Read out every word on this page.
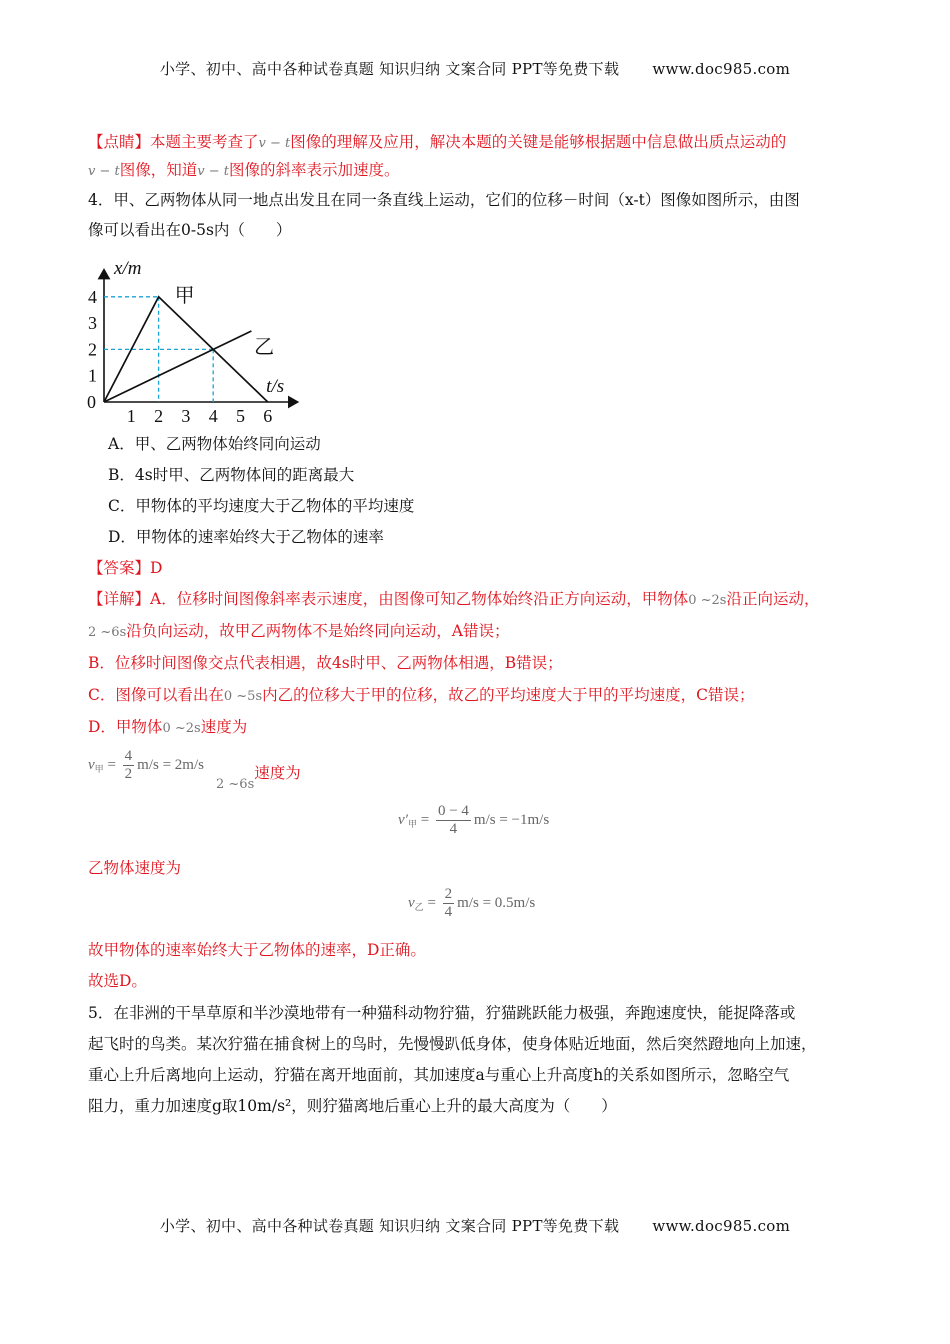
小学、初中、高中各种试卷真题 知识归纳 文案合同 PPT等免费下载 www.doc985.com
【点睛】本题主要考查了v − t图像的理解及应用，解决本题的关键是能够根据题中信息做出质点运动的
v − t图像，知道v − t图像的斜率表示加速度。
4．甲、乙两物体从同一地点出发且在同一条直线上运动，它们的位移－时间（x-t）图像如图所示，由图
像可以看出在0-5s内（　　）
甲
乙
1 2 3 4 5 6
1
2
3
4
0
x/m
t/s
A．甲、乙两物体始终同向运动
B．4s时甲、乙两物体间的距离最大
C．甲物体的平均速度大于乙物体的平均速度
D．甲物体的速率始终大于乙物体的速率
【答案】D
【详解】A．位移时间图像斜率表示速度，由图像可知乙物体始终沿正方向运动，甲物体0 ~2s沿正向运动，
2 ~6s沿负向运动，故甲乙两物体不是始终同向运动，A错误；
B．位移时间图像交点代表相遇，故4s时甲、乙两物体相遇，B错误；
C．图像可以看出在0 ~5s内乙的位移大于甲的位移，故乙的平均速度大于甲的平均速度，C错误；
D．甲物体0 ~2s速度为
$v_甲 = \frac{4}{2} m/s = 2m/s$
$_{2 \sim 6s}$速度为
$v'_甲 = \frac{0 - 4}{4} m/s = -1m/s$
乙物体速度为
$v_乙 = \frac{2}{4} m/s = 0.5m/s$
故甲物体的速率始终大于乙物体的速率，D正确。
故选D。
5．在非洲的干旱草原和半沙漠地带有一种猫科动物狞猫，狞猫跳跃能力极强，奔跑速度快，能捉降落或
起飞时的鸟类。某次狞猫在捕食树上的鸟时，先慢慢趴低身体，使身体贴近地面，然后突然蹬地向上加速，
重心上升后离地向上运动，狞猫在离开地面前，其加速度a与重心上升高度h的关系如图所示，忽略空气
阻力，重力加速度g取10m/s²，则狞猫离地后重心上升的最大高度为（　　）
小学、初中、高中各种试卷真题 知识归纳 文案合同 PPT等免费下载 www.doc985.com
